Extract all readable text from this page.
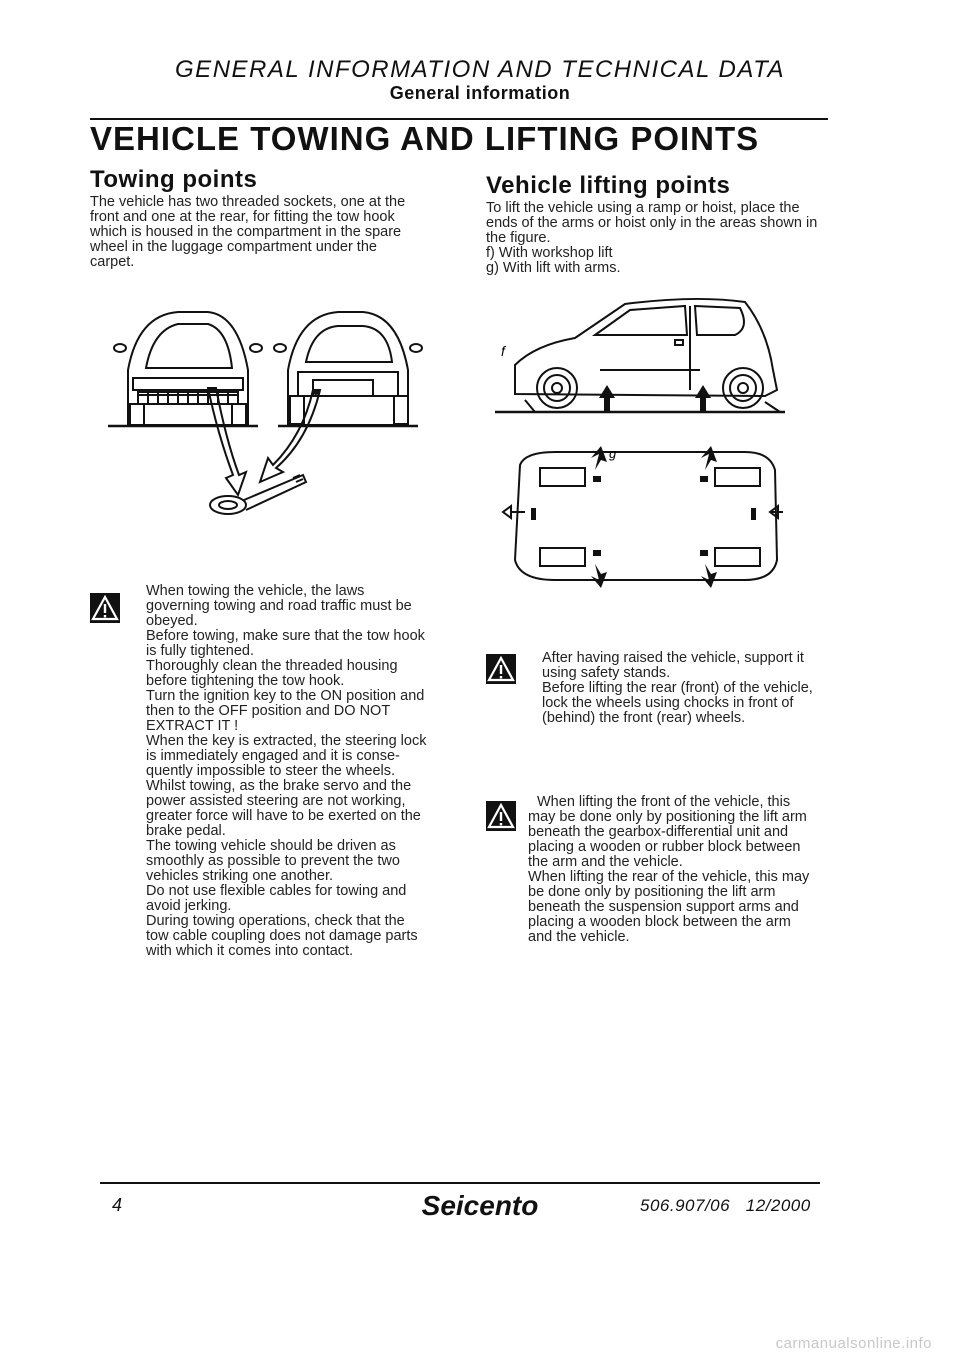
GENERAL INFORMATION AND TECHNICAL DATA
General information
VEHICLE TOWING AND LIFTING POINTS
Towing points
The vehicle has two threaded sockets, one at the
front and one at the rear, for fitting the tow hook
which is housed in the compartment in the spare
wheel in the luggage compartment under the
carpet.
When towing the vehicle, the laws
governing towing and road traffic must be
obeyed.
Before towing, make sure that the tow hook
is fully tightened.
Thoroughly clean the threaded housing
before tightening the tow hook.
Turn the ignition key to the ON position and
then to the OFF position and DO NOT
EXTRACT IT !
When the key is extracted, the steering lock
is immediately engaged and it is conse-
quently impossible to steer the wheels.
Whilst towing, as the brake servo and the
power assisted steering are not working,
greater force will have to be exerted on the
brake pedal.
The towing vehicle should be driven as
smoothly as possible to prevent the two
vehicles striking one another.
Do not use flexible cables for towing and
avoid jerking.
During towing operations, check that the
tow cable coupling does not damage parts
with which it comes into contact.
Vehicle lifting points
To lift the vehicle using a ramp or hoist, place the
ends of the arms or hoist only in the areas shown in
the figure.
f) With workshop lift
g) With lift with arms.
f
g
After having raised the vehicle, support it
using safety stands.
Before lifting the rear (front) of the vehicle,
lock the wheels using chocks in front of
(behind) the front (rear) wheels.
When lifting the front of the vehicle, this
may be done only by positioning the lift arm
beneath the gearbox-differential unit and
placing a wooden or rubber block between
the arm and the vehicle.
When lifting the rear of the vehicle, this may
be done only by positioning the lift arm
beneath the suspension support arms and
placing a wooden block between the arm
and the vehicle.
4	Seicento	506.907/06   12/2000
carmanualsonline.info
